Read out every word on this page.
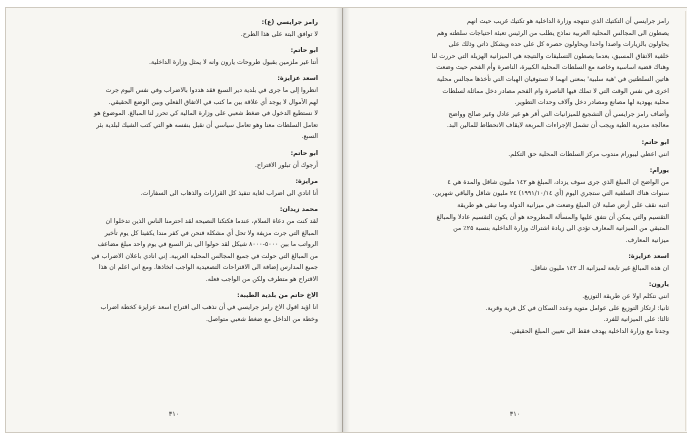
رامز جرايسي (ع):

لا توافق البتة على هذا الطرح.

ابو حاتم:

أنتا غير ملزمين بقبول طروحات يارون وانه لا يمثل وزارة الداخلية.

اسعد عزايزة:

انظروا إلى ما جرى في بلدية دير السبع فقد هددوا بالاضراب وفي نفس اليوم جرت

لهم الأموال لا يوجد أي علاقة بين ما كتب في الاتفاق الفعلي وبين الوضع الحقيقي.

لا نستطيع الدخول في ضغط شعبي على وزارة المالية كي تحرر لنا المبالغ. الموضوع هو

تعامل السلطات معنا وهو تعامل سياسي أن نقبل بنفسه هو التي كتب الشيك لبلدية بئر

السبع.

ابو حاتم:

أرجوك أن تبلور الاقتراح.

مرايزة:

أنا انادي الى اضراب لغاية تنفيذ كل القرارات والذهاب الى السفارات.

محمد زيدان:

لقد كنت من دعاة السلام، عندما فكتكنا النصيحة لقد احترمنا الناس الذين تدخلوا ان

المبالغ التي جرت مزيفة ولا تحل أي مشكلة فنحن في كفر مندا يكفينا كل يوم تأخير

الرواتب ما بين ٥٠٠٠-٨٠٠٠ شيكل لقد حولوا الى بئر السبع في يوم واحد مبلغ مضاعف

من المبالغ التي حولت في جميع المجالس المحلية العربية. إني انادي باعلان الاضراب في

جميع المدارس إضافة الى الاقتراحات التصعيدية الواجب اتخاذها. ومع اني اعلم ان هذا

الاقتراح هو متطرف ولكن من الواجب فعله.

الاخ حاتم من بلدية الطيبة:

انا اؤيد اقول الاخ رامز جرايسي في أن نذهب الى اقتراح اسعد عزايزة كخطة اضراب

وخطة من الداخل مع ضغط شعبي متواصل.

٣١٠

رامز جرايسي أن التكتيك الذي تنتهجه وزارة الداخلية هو تكتيك غريب حيث انهم

يصطون الى المجالس المحلية العربية نماذج يطلب من الرئيس تعبئة احتياجات سلطته وهم

يحاولون بالزيارات واصدا واحدا ويحاولون حصره كل على حده ويشكل ذاتي وذلك على

خلفية الاتفاق المسبق، بعدما يصطون التسليفات والنتيجة هي الميزانية الهزيلة التي حررت لنا

وهناك قضية اساسية وخاصة مع السلطات المحلية الكبيرة، الناصرة وأم الفحم حيث وضعت

هاتين السلطتين في 'هبة سلبية' بمعنى انهما لا تستوفيان الهبات التي تأخذها مجالس محلية

اخرى في نفس الوقت التي لا تملك فيها الناصرة وام الفحم مصادر دخل مماثلة لسلطات

محلية يهودية لها مصانع ومصادر دخل وآلاف وحدات التطوير.

وأضاف رامز جرايسي أن التشجيع للميزانيات التي أقر هو غير عادل وغير صالح وواضح

معالجة مديرية الطية ويجب أن تشمل الإجراءات المربعة لايقاف الانحطاط للمالين البد.

ابو حاتم:

انني اعطي ليبورام مندوب مركز السلطات المحلية حق التكلم.

يورام:

من الواضح ان المبلغ الذي جرى سوف يزداد، المبلغ هو ١٤٢ مليون شاقل والمدة هي ٤

سنوات هناك السلفية التي ستجري اليوم (أي ١٩٩١/١٠/١٤) ٢٤ مليون شاقل والباقي شهرين.

انتبه نقف على أرض صلبة لان المبلغ وضعت في ميزانية الدولة وما تبقى هو طريقة

التقسيم والتي يمكن أن نتفق عليها والمسألة المطروحة هو أن يكون التقسيم عادلا والمبالغ

المتبقي من الميزانية المعارف تؤدي الى زيادة اشتراك وزارة الداخلية بنسبة ٢٥٪ من

ميزانية المعارف.

اسعد عزايزة:

ان هذه المبالغ غير تابعة لميزانية الـ ١٤٢ مليون شاقل.

يارون:

انني نتكلم اولا عن طريقة التوزيع.

ثانيا: ارتكاز التوزيع على عوامل متوية وعدد السكان في كل قرية وقرية.

ثالثا: على الميزانية للفرد.

وجدنا مع وزارة الداخلية يهدف فقط الى تعيين المبلغ الحقيقي.

٣١٠
